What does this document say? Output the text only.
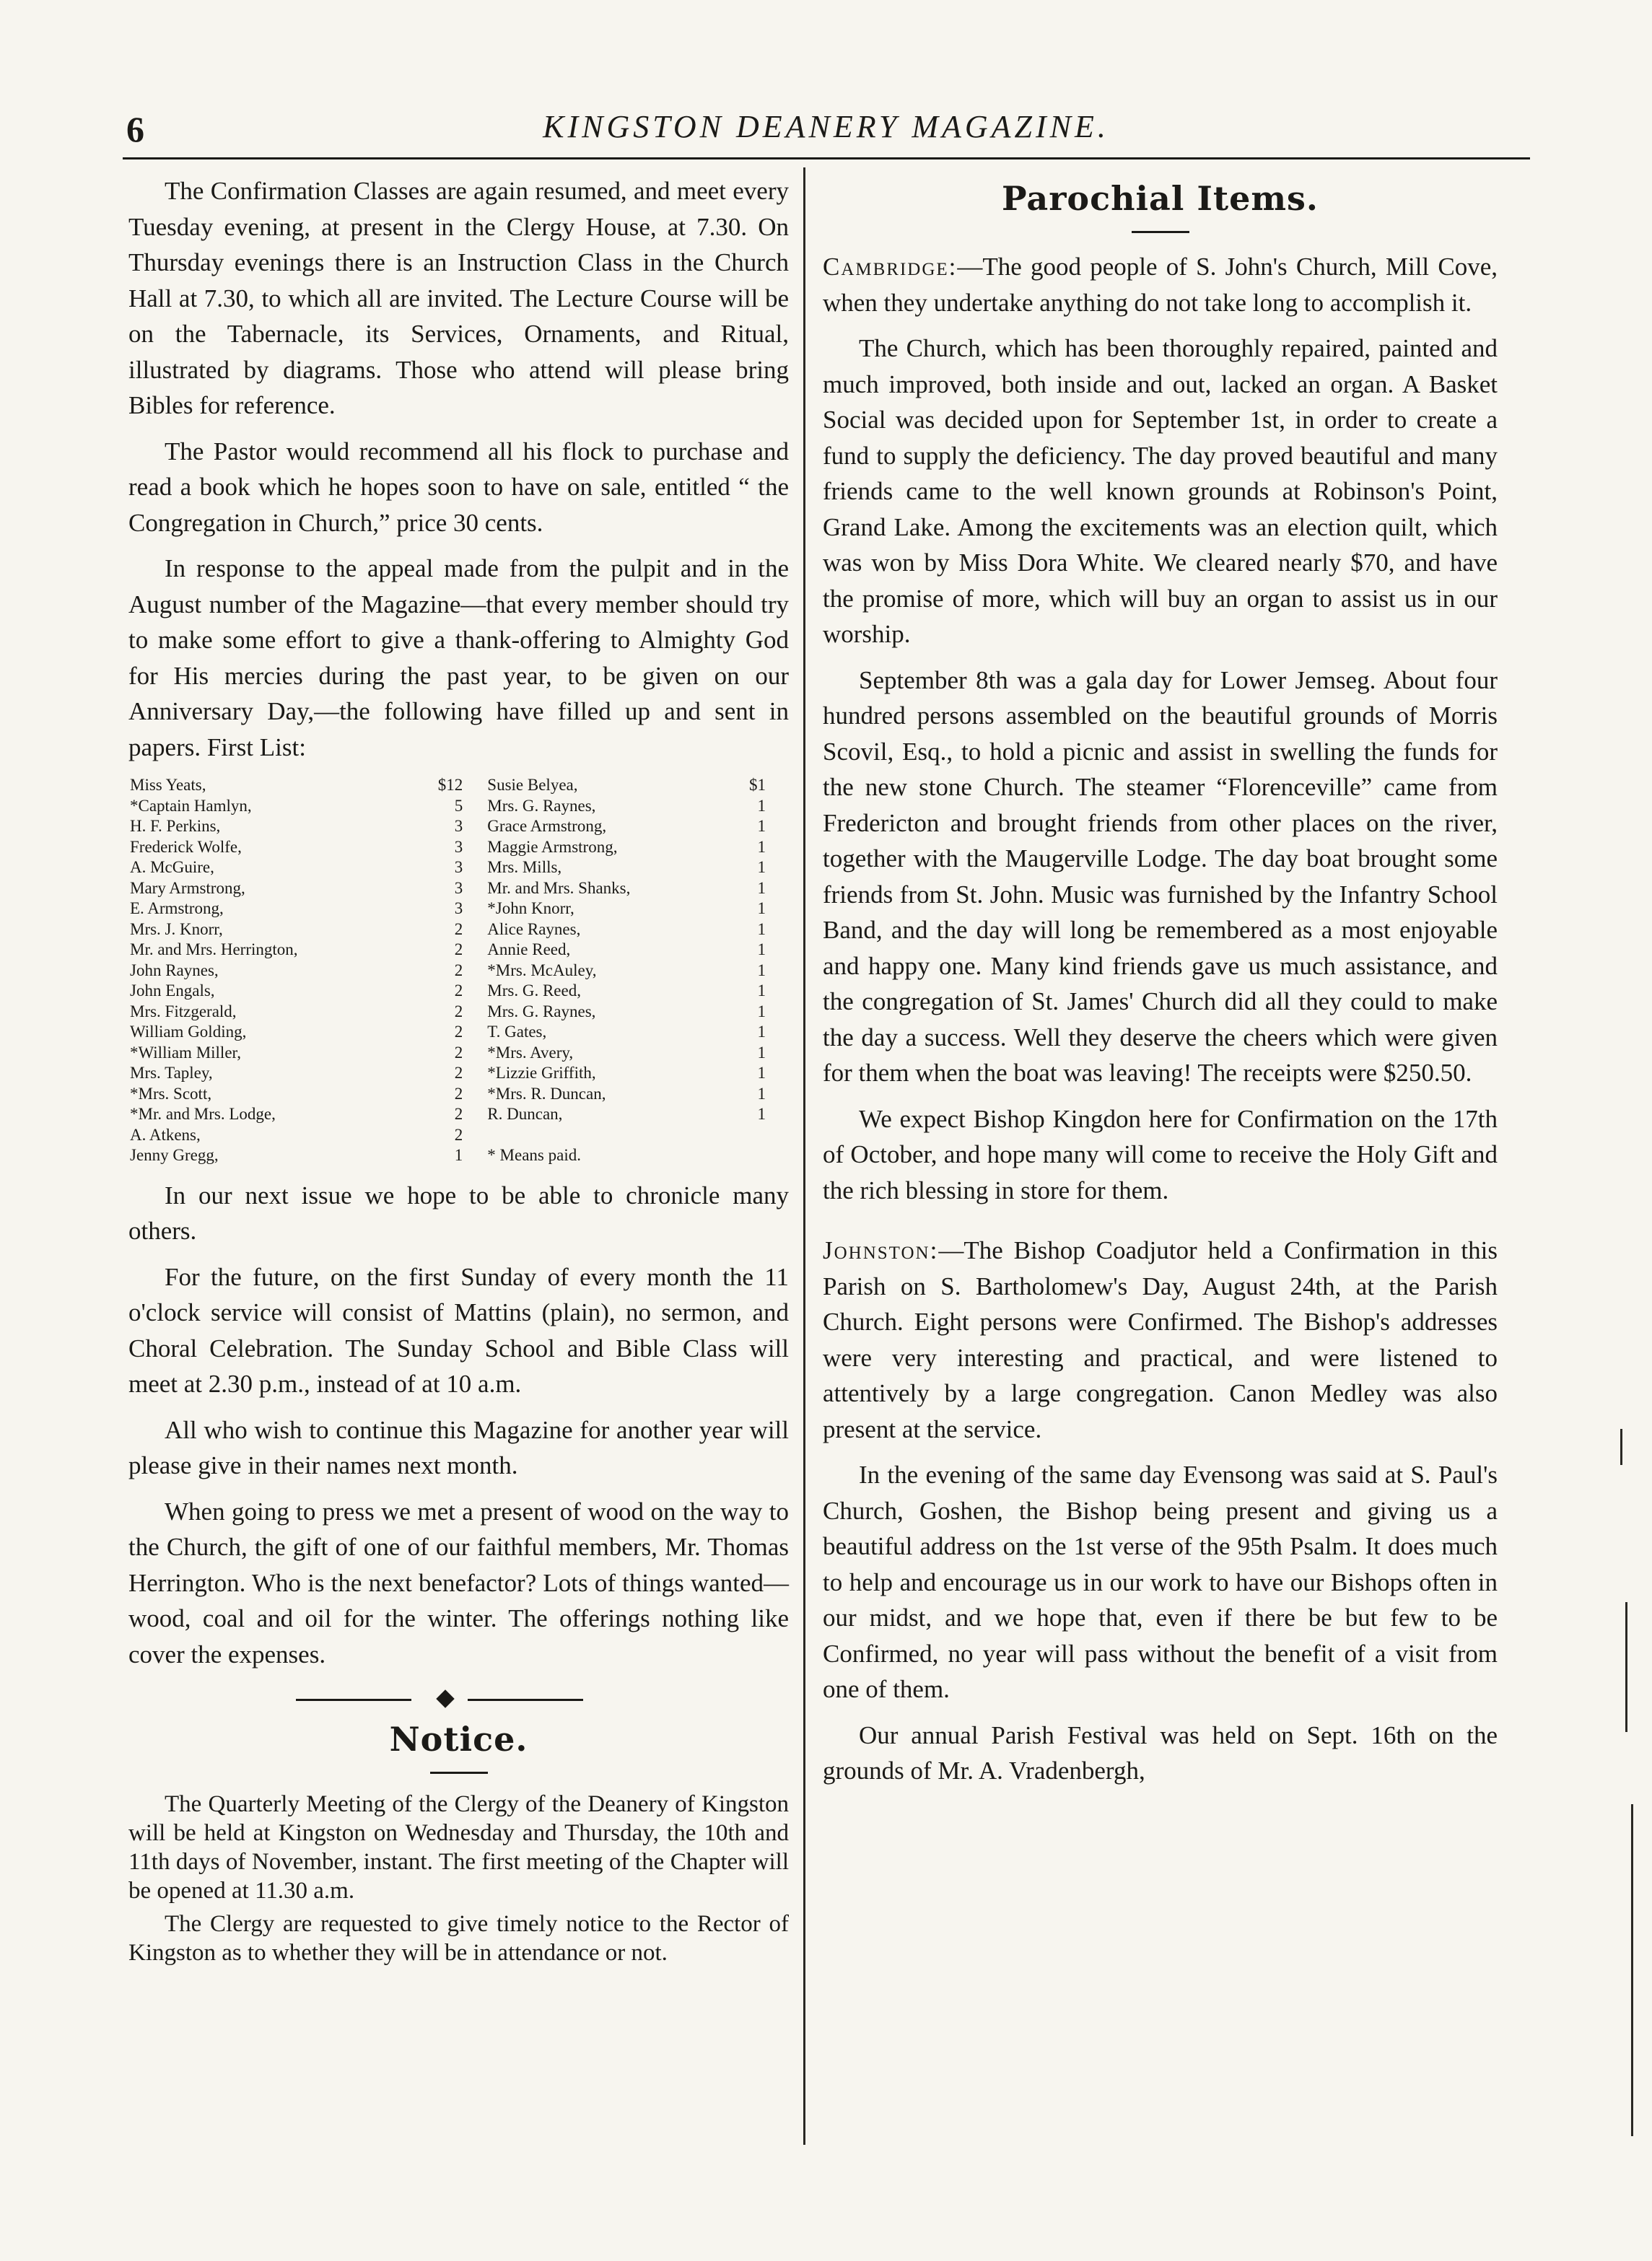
6	KINGSTON DEANERY MAGAZINE.

The Confirmation Classes are again resumed, and meet every Tuesday evening, at present in the Clergy House, at 7.30. On Thursday evenings there is an Instruction Class in the Church Hall at 7.30, to which all are invited. The Lecture Course will be on the Tabernacle, its Services, Ornaments, and Ritual, illustrated by diagrams. Those who attend will please bring Bibles for reference.

The Pastor would recommend all his flock to purchase and read a book which he hopes soon to have on sale, entitled “ the Congregation in Church,” price 30 cents.

In response to the appeal made from the pulpit and in the August number of the Magazine—that every member should try to make some effort to give a thank-offering to Almighty God for His mercies during the past year, to be given on our Anniversary Day,—the following have filled up and sent in papers. First List:

Miss Yeats,	$12	Susie Belyea,	$1
*Captain Hamlyn,	5	Mrs. G. Raynes,	1
H. F. Perkins,	3	Grace Armstrong,	1
Frederick Wolfe,	3	Maggie Armstrong,	1
A. McGuire,	3	Mrs. Mills,	1
Mary Armstrong,	3	Mr. and Mrs. Shanks,	1
E. Armstrong,	3	*John Knorr,	1
Mrs. J. Knorr,	2	Alice Raynes,	1
Mr. and Mrs. Herrington,	2	Annie Reed,	1
John Raynes,	2	*Mrs. McAuley,	1
John Engals,	2	Mrs. G. Reed,	1
Mrs. Fitzgerald,	2	Mrs. G. Raynes,	1
William Golding,	2	T. Gates,	1
*William Miller,	2	*Mrs. Avery,	1
Mrs. Tapley,	2	*Lizzie Griffith,	1
*Mrs. Scott,	2	*Mrs. R. Duncan,	1
*Mr. and Mrs. Lodge,	2	R. Duncan,	1
A. Atkens,	2		
Jenny Gregg,	1	* Means paid.	

In our next issue we hope to be able to chronicle many others.

For the future, on the first Sunday of every month the 11 o'clock service will consist of Mattins (plain), no sermon, and Choral Celebration. The Sunday School and Bible Class will meet at 2.30 p.m., instead of at 10 a.m.

All who wish to continue this Magazine for another year will please give in their names next month.

When going to press we met a present of wood on the way to the Church, the gift of one of our faithful members, Mr. Thomas Herrington. Who is the next benefactor? Lots of things wanted—wood, coal and oil for the winter. The offerings nothing like cover the expenses.

Notice.

The Quarterly Meeting of the Clergy of the Deanery of Kingston will be held at Kingston on Wednesday and Thursday, the 10th and 11th days of November, instant. The first meeting of the Chapter will be opened at 11.30 a.m.

The Clergy are requested to give timely notice to the Rector of Kingston as to whether they will be in attendance or not.

Parochial Items.

Cambridge:—The good people of S. John's Church, Mill Cove, when they undertake anything do not take long to accomplish it.

The Church, which has been thoroughly repaired, painted and much improved, both inside and out, lacked an organ. A Basket Social was decided upon for September 1st, in order to create a fund to supply the deficiency. The day proved beautiful and many friends came to the well known grounds at Robinson's Point, Grand Lake. Among the excitements was an election quilt, which was won by Miss Dora White. We cleared nearly $70, and have the promise of more, which will buy an organ to assist us in our worship.

September 8th was a gala day for Lower Jemseg. About four hundred persons assembled on the beautiful grounds of Morris Scovil, Esq., to hold a picnic and assist in swelling the funds for the new stone Church. The steamer “Florenceville” came from Fredericton and brought friends from other places on the river, together with the Maugerville Lodge. The day boat brought some friends from St. John. Music was furnished by the Infantry School Band, and the day will long be remembered as a most enjoyable and happy one. Many kind friends gave us much assistance, and the congregation of St. James' Church did all they could to make the day a success. Well they deserve the cheers which were given for them when the boat was leaving! The receipts were $250.50.

We expect Bishop Kingdon here for Confirmation on the 17th of October, and hope many will come to receive the Holy Gift and the rich blessing in store for them.

Johnston:—The Bishop Coadjutor held a Confirmation in this Parish on S. Bartholomew's Day, August 24th, at the Parish Church. Eight persons were Confirmed. The Bishop's addresses were very interesting and practical, and were listened to attentively by a large congregation. Canon Medley was also present at the service.

In the evening of the same day Evensong was said at S. Paul's Church, Goshen, the Bishop being present and giving us a beautiful address on the 1st verse of the 95th Psalm. It does much to help and encourage us in our work to have our Bishops often in our midst, and we hope that, even if there be but few to be Confirmed, no year will pass without the benefit of a visit from one of them.

Our annual Parish Festival was held on Sept. 16th on the grounds of Mr. A. Vradenbergh,
